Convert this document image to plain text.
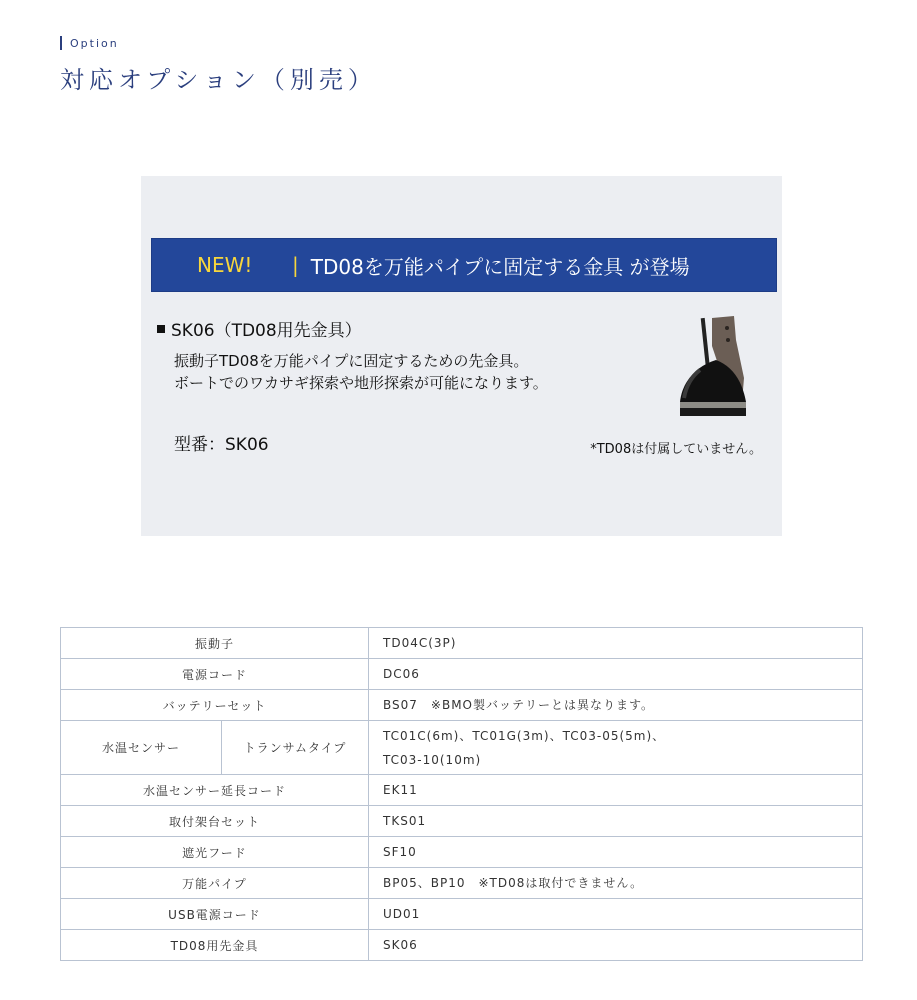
Option
対応オプション（別売）
NEW!	| TD08を万能パイプに固定する金具 が登場
SK06（TD08用先金具）
振動子TD08を万能パイプに固定するための先金具。
ボートでのワカサギ探索や地形探索が可能になります。
型番：SK06	*TD08は付属していません。
振動子		TD04C(3P)
電源コード		DC06
バッテリーセット		BS07　※BMO製バッテリーとは異なります。
水温センサー	トランサムタイプ	TC01C(6m)、TC01G(3m)、TC03-05(5m)、
TC03-10(10m)

水温センサー延長コード		EK11
取付架台セット		TKS01
遮光フード		SF10
万能パイプ		BP05、BP10　※TD08は取付できません。
USB電源コード		UD01
TD08用先金具		SK06
